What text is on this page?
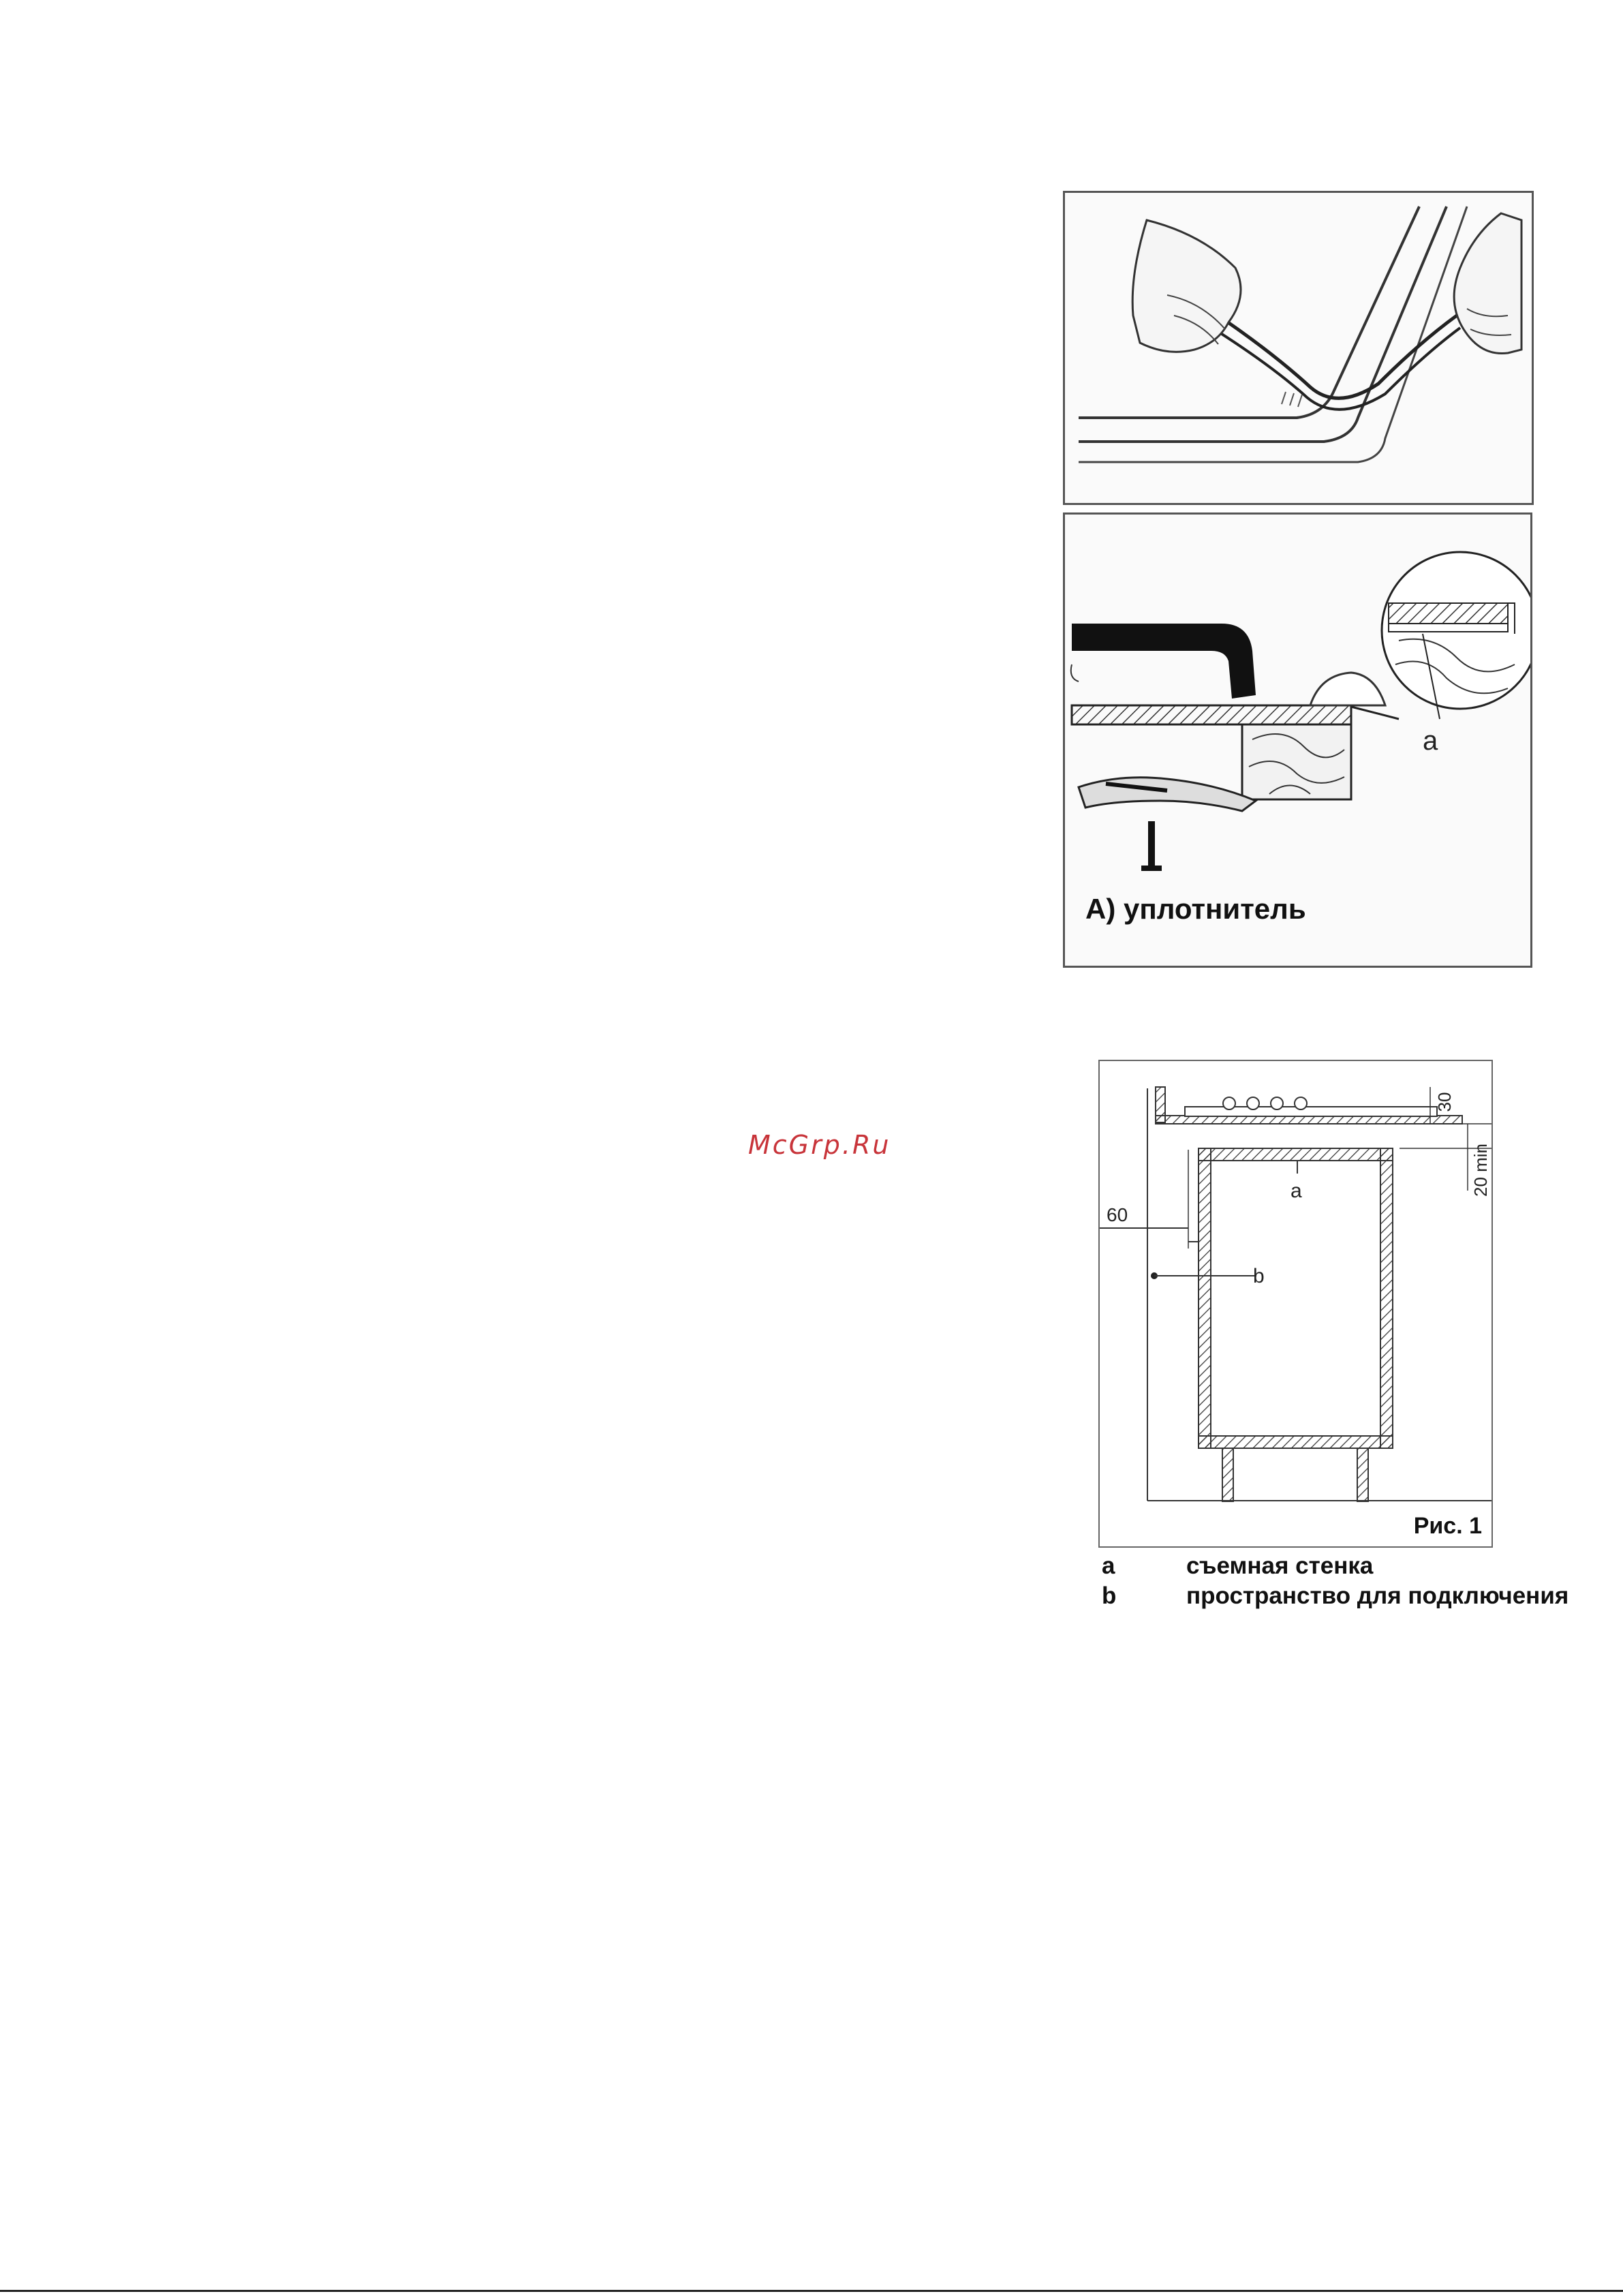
a
А) уплотнитель
McGrp.Ru
30
20 min
60
a
b
Рис. 1
a	съемная стенка
b	пространство для подключения
